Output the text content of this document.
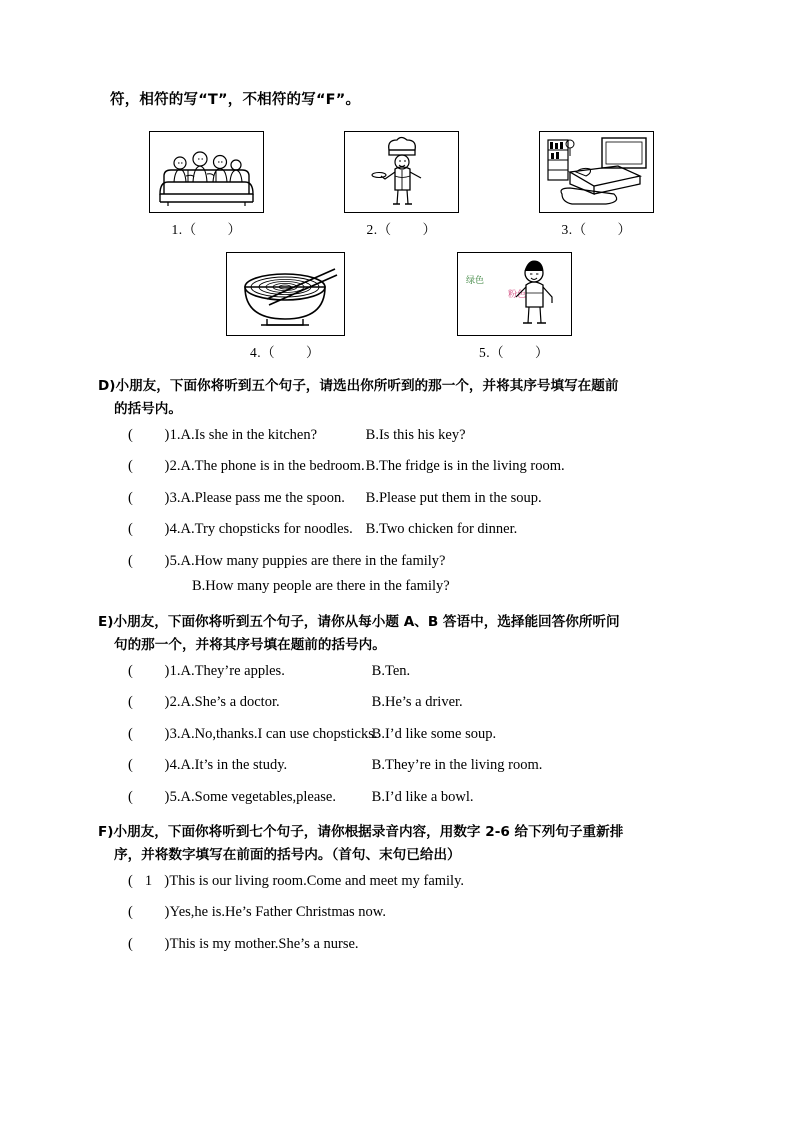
符，相符的写“T”，不相符的写“F”。
1.（        ）	2.（        ）	3.（        ）
4.（        ）
绿色
粉色
5.（        ）
D)小朋友，下面你将听到五个句子，请选出你所听到的那一个，并将其序号填写在题前
的括号内。
(        ) 1.A.Is she in the kitchen?	B.Is this his key?
(        ) 2.A.The phone is in the bedroom. B.The fridge is in the living room.
(        ) 3.A.Please pass me the spoon.	B.Please put them in the soup.
(        ) 4.A.Try chopsticks for noodles. B.Two chicken for dinner.
(        ) 5.A.How many puppies are there in the family?
B.How many people are there in the family?
E)小朋友，下面你将听到五个句子，请你从每小题 A、B 答语中，选择能回答你所听问
句的那一个，并将其序号填在题前的括号内。
(        ) 1.A.They’re apples.	B.Ten.
(        ) 2.A.She’s a doctor.	B.He’s a driver.
(        ) 3.A.No,thanks.I can use chopsticks.
B.I’d like some soup.
(        ) 4.A.It’s in the study.	B.They’re in the living room.
(        ) 5.A.Some vegetables,please.	B.I’d like a bowl.
F)小朋友，下面你将听到七个句子，请你根据录音内容，用数字 2-6 给下列句子重新排
序，并将数字填写在前面的括号内。（首句、末句已给出）
(   1   ) This is our living room.Come and meet my family.
(        ) Yes,he is.He’s Father Christmas now.
(        ) This is my mother.She’s a nurse.
